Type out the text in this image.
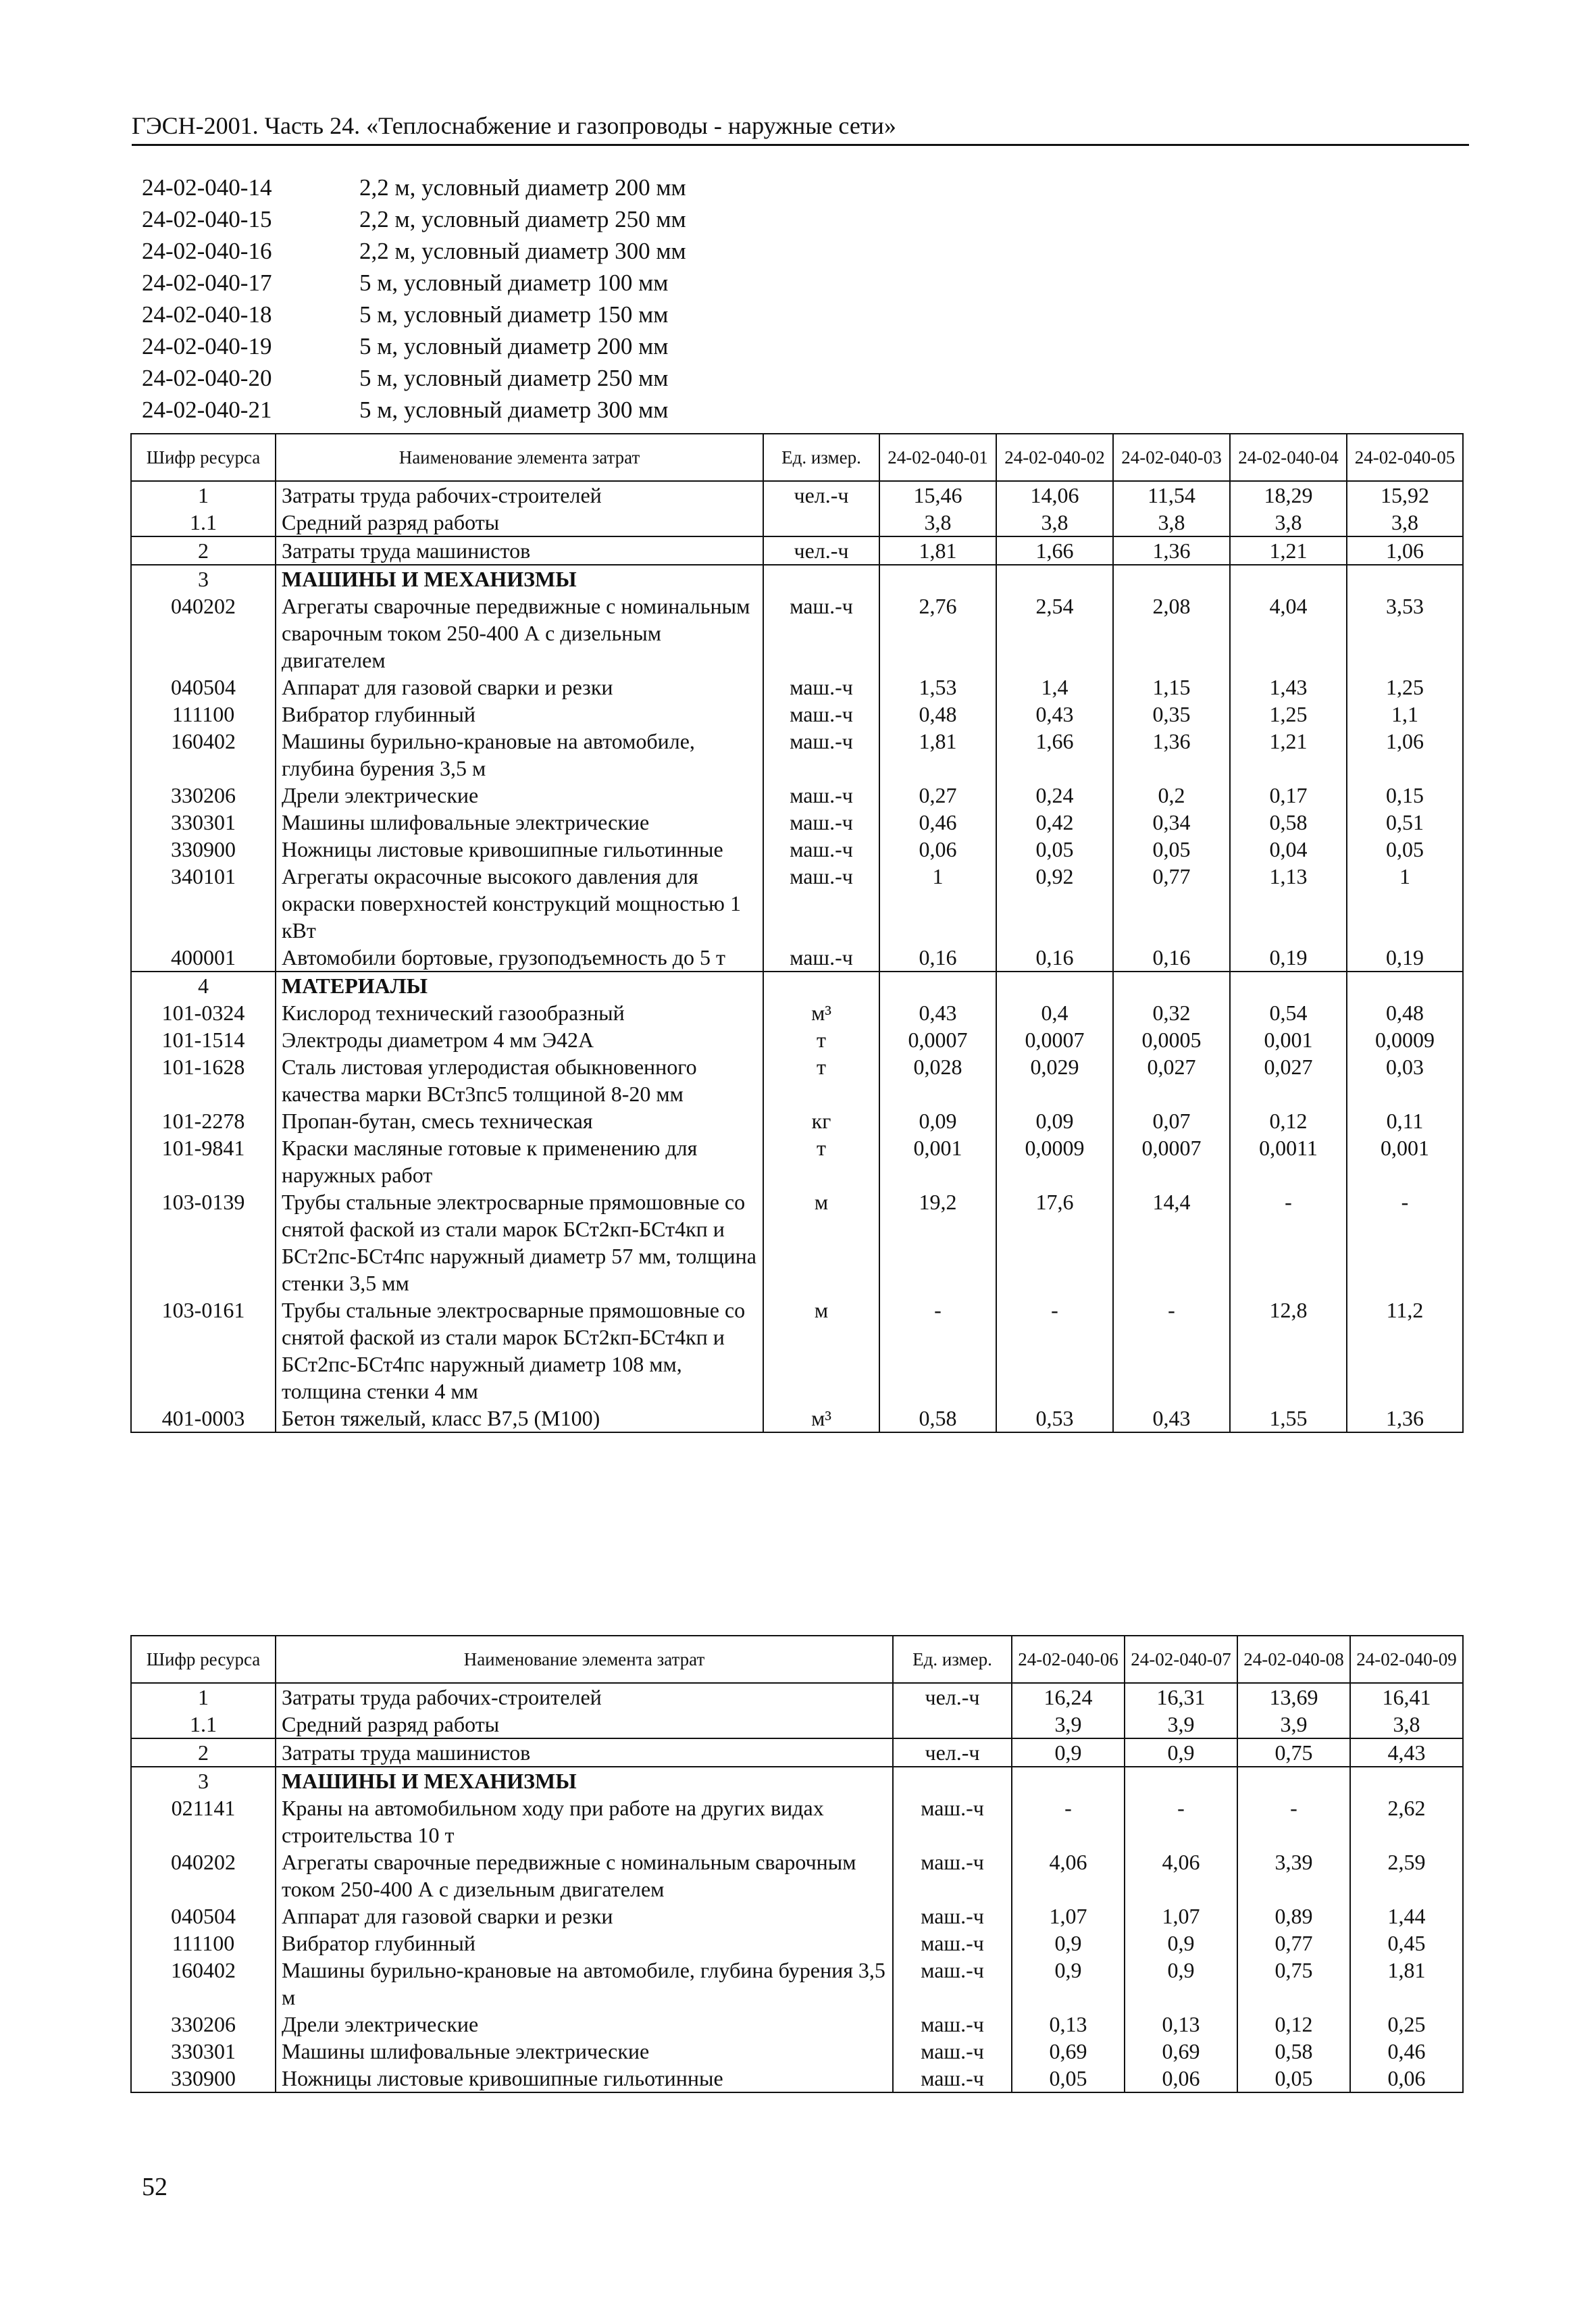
ГЭСН-2001. Часть 24. «Теплоснабжение и газопроводы - наружные сети»
24-02-040-14	2,2 м, условный диаметр 200 мм
24-02-040-15	2,2 м, условный диаметр 250 мм
24-02-040-16	2,2 м, условный диаметр 300 мм
24-02-040-17	5 м, условный диаметр 100 мм
24-02-040-18	5 м, условный диаметр 150 мм
24-02-040-19	5 м, условный диаметр 200 мм
24-02-040-20	5 м, условный диаметр 250 мм
24-02-040-21	5 м, условный диаметр 300 мм
Шифр ресурса	Наименование элемента затрат	Ед. измер.	24-02-040-01	24-02-040-02	24-02-040-03	24-02-040-04	24-02-040-05
1	Затраты труда рабочих-строителей	чел.-ч	15,46	14,06	11,54	18,29	15,92
1.1	Средний разряд работы		3,8	3,8	3,8	3,8	3,8
2	Затраты труда машинистов	чел.-ч	1,81	1,66	1,36	1,21	1,06
3	МАШИНЫ И МЕХАНИЗМЫ						
040202	Агрегаты сварочные передвижные с номинальным сварочным током 250-400 А с дизельным двигателем	маш.-ч	2,76	2,54	2,08	4,04	3,53
040504	Аппарат для газовой сварки и резки	маш.-ч	1,53	1,4	1,15	1,43	1,25
111100	Вибратор глубинный	маш.-ч	0,48	0,43	0,35	1,25	1,1
160402	Машины бурильно-крановые на автомобиле, глубина бурения 3,5 м	маш.-ч	1,81	1,66	1,36	1,21	1,06
330206	Дрели электрические	маш.-ч	0,27	0,24	0,2	0,17	0,15
330301	Машины шлифовальные электрические	маш.-ч	0,46	0,42	0,34	0,58	0,51
330900	Ножницы листовые кривошипные гильотинные	маш.-ч	0,06	0,05	0,05	0,04	0,05
340101	Агрегаты окрасочные высокого давления для окраски поверхностей конструкций мощностью 1 кВт	маш.-ч	1	0,92	0,77	1,13	1
400001	Автомобили бортовые, грузоподъемность до 5 т	маш.-ч	0,16	0,16	0,16	0,19	0,19
4	МАТЕРИАЛЫ						
101-0324	Кислород технический газообразный	м³	0,43	0,4	0,32	0,54	0,48
101-1514	Электроды диаметром 4 мм Э42А	т	0,0007	0,0007	0,0005	0,001	0,0009
101-1628	Сталь листовая углеродистая обыкновенного качества марки ВСт3пс5 толщиной 8-20 мм	т	0,028	0,029	0,027	0,027	0,03
101-2278	Пропан-бутан, смесь техническая	кг	0,09	0,09	0,07	0,12	0,11
101-9841	Краски масляные готовые к применению для наружных работ	т	0,001	0,0009	0,0007	0,0011	0,001
103-0139	Трубы стальные электросварные прямошовные со снятой фаской из стали марок БСт2кп-БСт4кп и БСт2пс-БСт4пс наружный диаметр 57 мм, толщина стенки 3,5 мм	м	19,2	17,6	14,4	-	-
103-0161	Трубы стальные электросварные прямошовные со снятой фаской из стали марок БСт2кп-БСт4кп и БСт2пс-БСт4пс наружный диаметр 108 мм, толщина стенки 4 мм	м	-	-	-	12,8	11,2
401-0003	Бетон тяжелый, класс В7,5 (М100)	м³	0,58	0,53	0,43	1,55	1,36
Шифр ресурса	Наименование элемента затрат	Ед. измер.	24-02-040-06	24-02-040-07	24-02-040-08	24-02-040-09
1	Затраты труда рабочих-строителей	чел.-ч	16,24	16,31	13,69	16,41
1.1	Средний разряд работы		3,9	3,9	3,9	3,8
2	Затраты труда машинистов	чел.-ч	0,9	0,9	0,75	4,43
3	МАШИНЫ И МЕХАНИЗМЫ					
021141	Краны на автомобильном ходу при работе на других видах строительства 10 т	маш.-ч	-	-	-	2,62
040202	Агрегаты сварочные передвижные с номинальным сварочным током 250-400 А с дизельным двигателем	маш.-ч	4,06	4,06	3,39	2,59
040504	Аппарат для газовой сварки и резки	маш.-ч	1,07	1,07	0,89	1,44
111100	Вибратор глубинный	маш.-ч	0,9	0,9	0,77	0,45
160402	Машины бурильно-крановые на автомобиле, глубина бурения 3,5 м	маш.-ч	0,9	0,9	0,75	1,81
330206	Дрели электрические	маш.-ч	0,13	0,13	0,12	0,25
330301	Машины шлифовальные электрические	маш.-ч	0,69	0,69	0,58	0,46
330900	Ножницы листовые кривошипные гильотинные	маш.-ч	0,05	0,06	0,05	0,06
52
